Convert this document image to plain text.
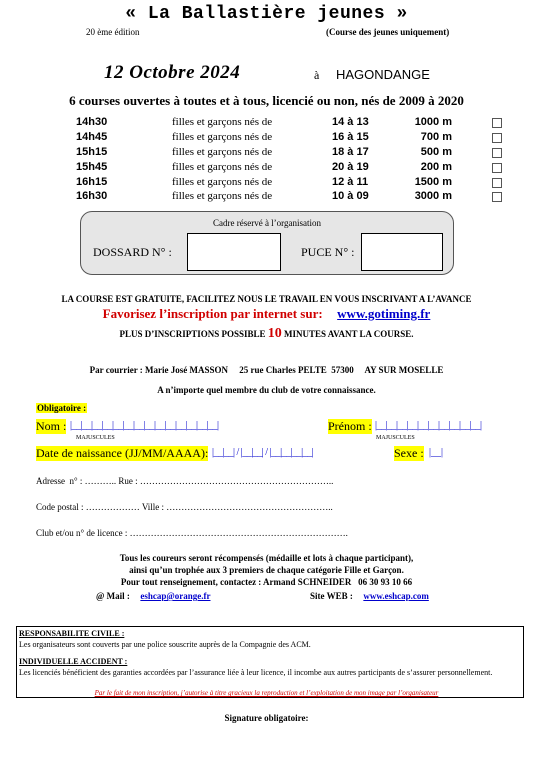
« La Ballastière jeunes »
20 ème édition	(Course des jeunes uniquement)
12 Octobre 2024	à HAGONDANGE
6 courses ouvertes à toutes et à tous, licencié ou non, nés de 2009 à 2020
14h30	filles et garçons nés de	14 à 13	1000 m
14h45	filles et garçons nés de	16 à 15	700 m
15h15	filles et garçons nés de	18 à 17	500 m
15h45	filles et garçons nés de	20 à 19	200 m
16h15	filles et garçons nés de	12 à 11	1500 m
16h30	filles et garçons nés de	10 à 09	3000 m
Cadre réservé à l’organisation
DOSSARD N° :	PUCE N° :
LA COURSE EST GRATUITE, FACILITEZ NOUS LE TRAVAIL EN VOUS INSCRIVANT A L’AVANCE
Favorisez l’inscription par internet sur: www.gotiming.fr
PLUS D’INSCRIPTIONS POSSIBLE 10 MINUTES AVANT LA COURSE.
Par courrier : Marie José MASSON     25 rue Charles PELTE  57300     AY SUR MOSELLE
A n’importe quel membre du club de votre connaissance.
Obligatoire :
Nom : |__|__|__|__|__|__|__|__|__|__|__|__|__|__|	Prénom : |__|__|__|__|__|__|__|__|__|__|
MAJUSCULES	MAJUSCULES
Date de naissance (JJ/MM/AAAA): |__|__| / |__|__| / |__|__|__|__|	Sexe : |__|
Adresse  n° : ……….. Rue : ………………………………………………………..
Code postal : ……………… Ville : ………………………………………………..
Club et/ou n° de licence : ……………………………………………………………….
Tous les coureurs seront récompensés (médaille et lots à chaque participant),
ainsi qu’un trophée aux 3 premiers de chaque catégorie Fille et Garçon.
Pour tout renseignement, contactez : Armand SCHNEIDER   06 30 93 10 66
@ Mail : eshcap@orange.fr	Site WEB : www.eshcap.com
RESPONSABILITE CIVILE :
Les organisateurs sont couverts par une police souscrite auprès de la Compagnie des ACM.
INDIVIDUELLE ACCIDENT :
Les licenciés bénéficient des garanties accordées par l’assurance liée à leur licence, il incombe aux autres participants de s’assurer personnellement.
Par le fait de mon inscription, j’autorise à titre gracieux la reproduction et l’exploitation de mon image par l’organisateur
Signature obligatoire:
